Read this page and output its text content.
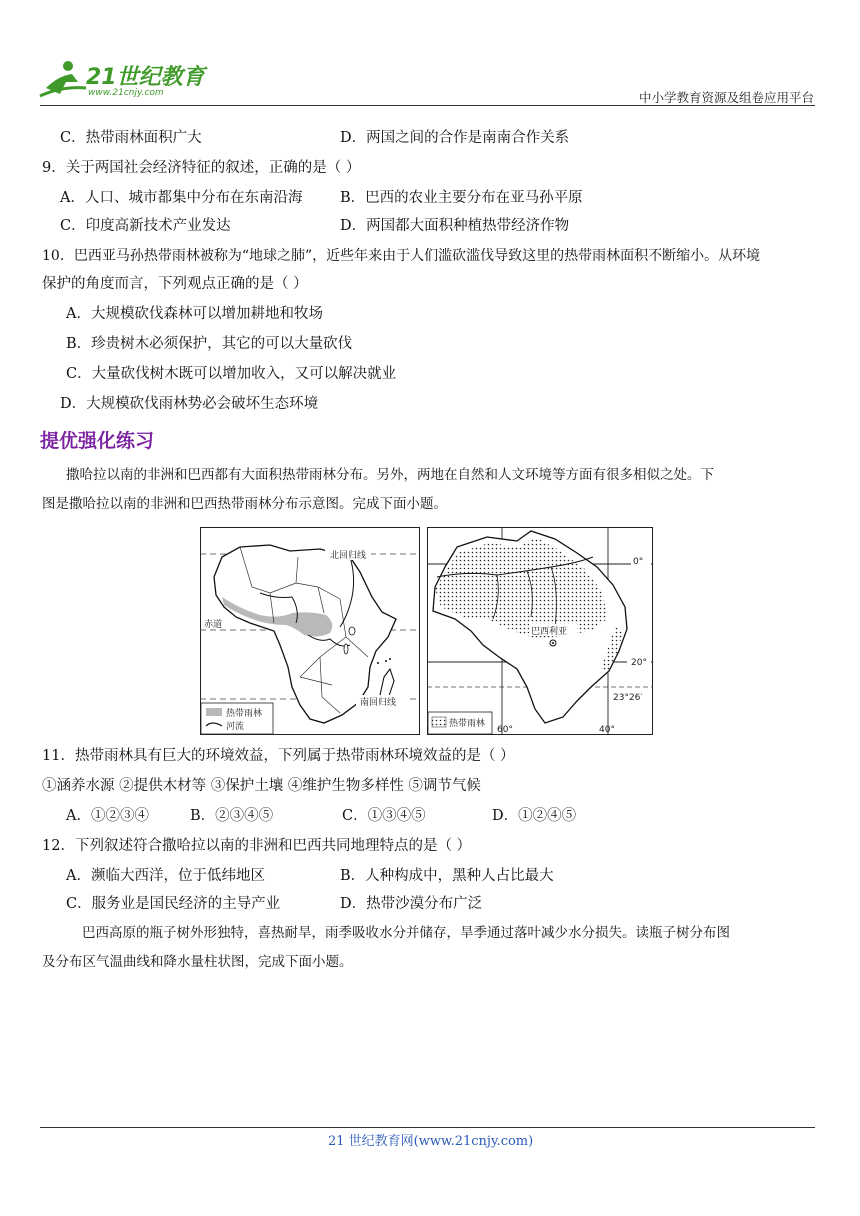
21世纪教育
www.21cnjy.com	中小学教育资源及组卷应用平台
C．热带雨林面积广大	D．两国之间的合作是南南合作关系
9．关于两国社会经济特征的叙述，正确的是（ ）
A．人口、城市都集中分布在东南沿海	B．巴西的农业主要分布在亚马孙平原
C．印度高新技术产业发达	D．两国都大面积种植热带经济作物
10．巴西亚马孙热带雨林被称为“地球之肺”，近些年来由于人们滥砍滥伐导致这里的热带雨林面积不断缩小。从环境
保护的角度而言，下列观点正确的是（ ）
A．大规模砍伐森林可以增加耕地和牧场
B．珍贵树木必须保护，其它的可以大量砍伐
C．大量砍伐树木既可以增加收入，又可以解决就业
D．大规模砍伐雨林势必会破坏生态环境
提优强化练习
撒哈拉以南的非洲和巴西都有大面积热带雨林分布。另外，两地在自然和人文环境等方面有很多相似之处。下
图是撒哈拉以南的非洲和巴西热带雨林分布示意图。完成下面小题。
北回归线
赤道
南回归线
热带雨林
河流
巴西利亚
0°
20°
23°26′
60°	40°
热带雨林
11．热带雨林具有巨大的环境效益，下列属于热带雨林环境效益的是（ ）
①涵养水源 ②提供木材等 ③保护土壤 ④维护生物多样性 ⑤调节气候
A．①②③④	B．②③④⑤	C．①③④⑤	D．①②④⑤
12．下列叙述符合撒哈拉以南的非洲和巴西共同地理特点的是（ ）
A．濒临大西洋，位于低纬地区	B．人种构成中，黑种人占比最大
C．服务业是国民经济的主导产业	D．热带沙漠分布广泛
巴西高原的瓶子树外形独特，喜热耐旱，雨季吸收水分并储存，旱季通过落叶减少水分损失。读瓶子树分布图
及分布区气温曲线和降水量柱状图，完成下面小题。
21 世纪教育网(www.21cnjy.com)
